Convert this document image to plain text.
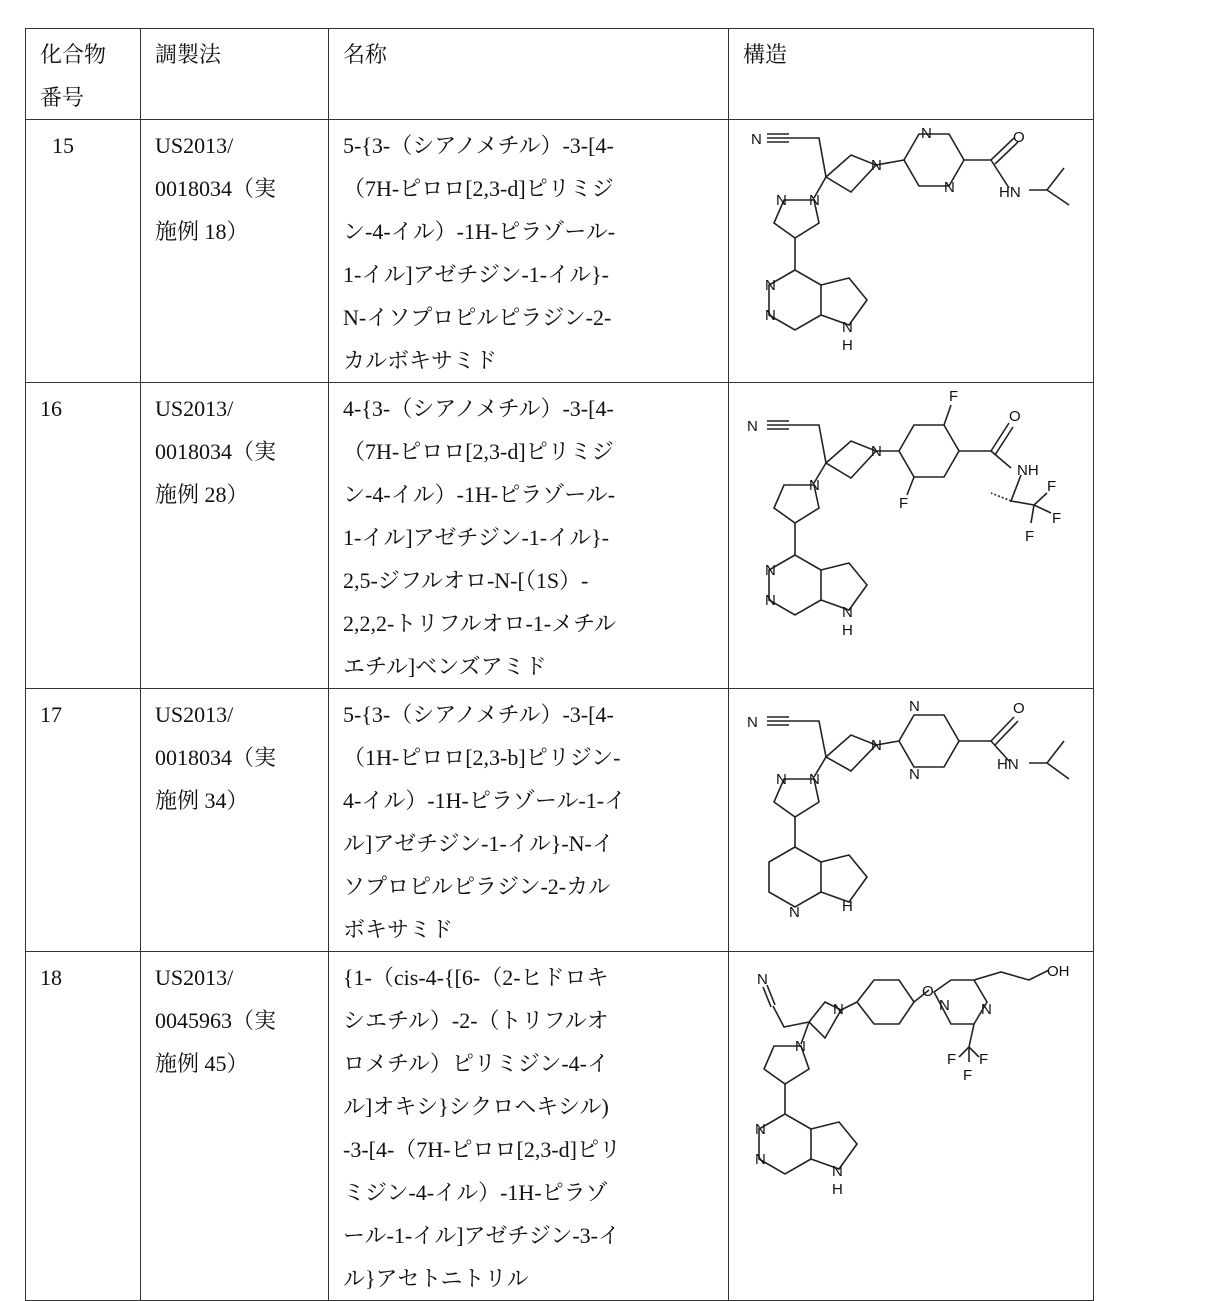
化合物
番号
	調製法	名称	構造
15	US2013/
0018034（実
施例 18）

5-{3-（シアノメチル）-3-[4-
（7H-ピロロ[2,3-d]ピリミジ
ン-4-イル）-1H-ピラゾール-
1-イル]アゼチジン-1-イル}-
N-イソプロピルピラジン-2-
カルボキサミド

N
N
N
N
N
O
HN
N
N
N
H
N

16	US2013/
0018034（実
施例 28）

4-{3-（シアノメチル）-3-[4-
（7H-ピロロ[2,3-d]ピリミジ
ン-4-イル）-1H-ピラゾール-
1-イル]アゼチジン-1-イル}-
2,5-ジフルオロ-N-[（1S）-
2,2,2-トリフルオロ-1-メチル
エチル]ベンズアミド

N
N
N
F
F
O
NH
F
F
F
N
N
N
H

17	US2013/
0018034（実
施例 34）

5-{3-（シアノメチル）-3-[4-
（1H-ピロロ[2,3-b]ピリジン-
4-イル）-1H-ピラゾール-1-イ
ル]アゼチジン-1-イル}-N-イ
ソプロピルピラジン-2-カル
ボキサミド

N
N
N
N
N
O
HN
N
N	H

18	US2013/
0045963（実
施例 45）

{1-（cis-4-{[6-（2-ヒドロキ
シエチル）-2-（トリフルオ
ロメチル）ピリミジン-4-イ
ル]オキシ}シクロヘキシル)
-3-[4-（7H-ピロロ[2,3-d]ピリ
ミジン-4-イル）-1H-ピラゾ
ール-1-イル]アゼチジン-3-イ
ル}アセトニトリル

N
N
O
OH
N N
F F
F
N
N
N
N
H
